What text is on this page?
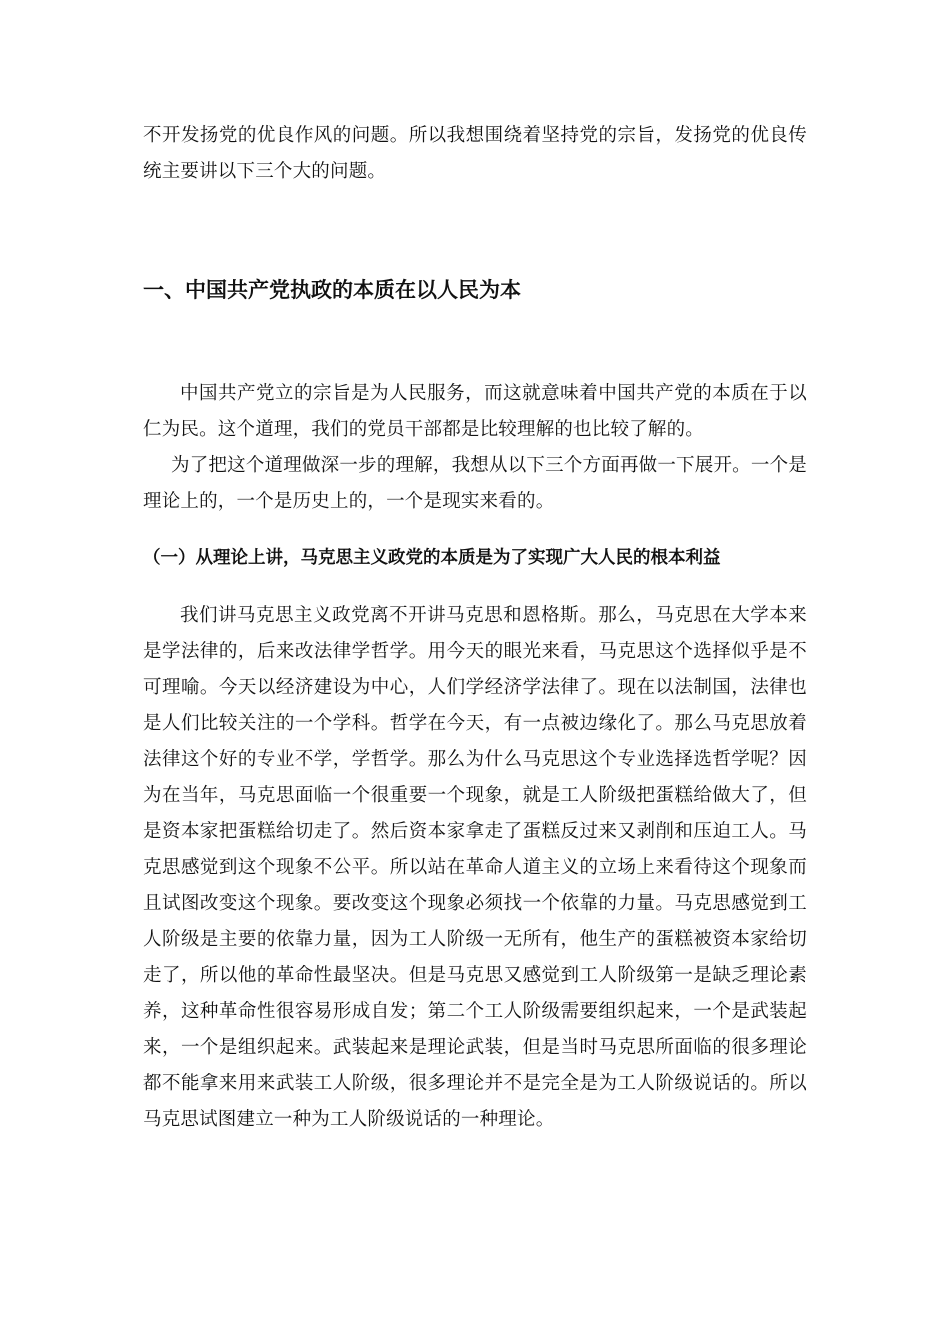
不开发扬党的优良作风的问题。所以我想围绕着坚持党的宗旨，发扬党的优良传统主要讲以下三个大的问题。

一、中国共产党执政的本质在以人民为本

中国共产党立的宗旨是为人民服务，而这就意味着中国共产党的本质在于以仁为民。这个道理，我们的党员干部都是比较理解的也比较了解的。

为了把这个道理做深一步的理解，我想从以下三个方面再做一下展开。一个是理论上的，一个是历史上的，一个是现实来看的。

（一）从理论上讲，马克思主义政党的本质是为了实现广大人民的根本利益

我们讲马克思主义政党离不开讲马克思和恩格斯。那么，马克思在大学本来是学法律的，后来改法律学哲学。用今天的眼光来看，马克思这个选择似乎是不可理喻。今天以经济建设为中心，人们学经济学法律了。现在以法制国，法律也是人们比较关注的一个学科。哲学在今天，有一点被边缘化了。那么马克思放着法律这个好的专业不学，学哲学。那么为什么马克思这个专业选择选哲学呢？因为在当年，马克思面临一个很重要一个现象，就是工人阶级把蛋糕给做大了，但是资本家把蛋糕给切走了。然后资本家拿走了蛋糕反过来又剥削和压迫工人。马克思感觉到这个现象不公平。所以站在革命人道主义的立场上来看待这个现象而且试图改变这个现象。要改变这个现象必须找一个依靠的力量。马克思感觉到工人阶级是主要的依靠力量，因为工人阶级一无所有，他生产的蛋糕被资本家给切走了，所以他的革命性最坚决。但是马克思又感觉到工人阶级第一是缺乏理论素养，这种革命性很容易形成自发；第二个工人阶级需要组织起来，一个是武装起来，一个是组织起来。武装起来是理论武装，但是当时马克思所面临的很多理论都不能拿来用来武装工人阶级，很多理论并不是完全是为工人阶级说话的。所以马克思试图建立一种为工人阶级说话的一种理论。
